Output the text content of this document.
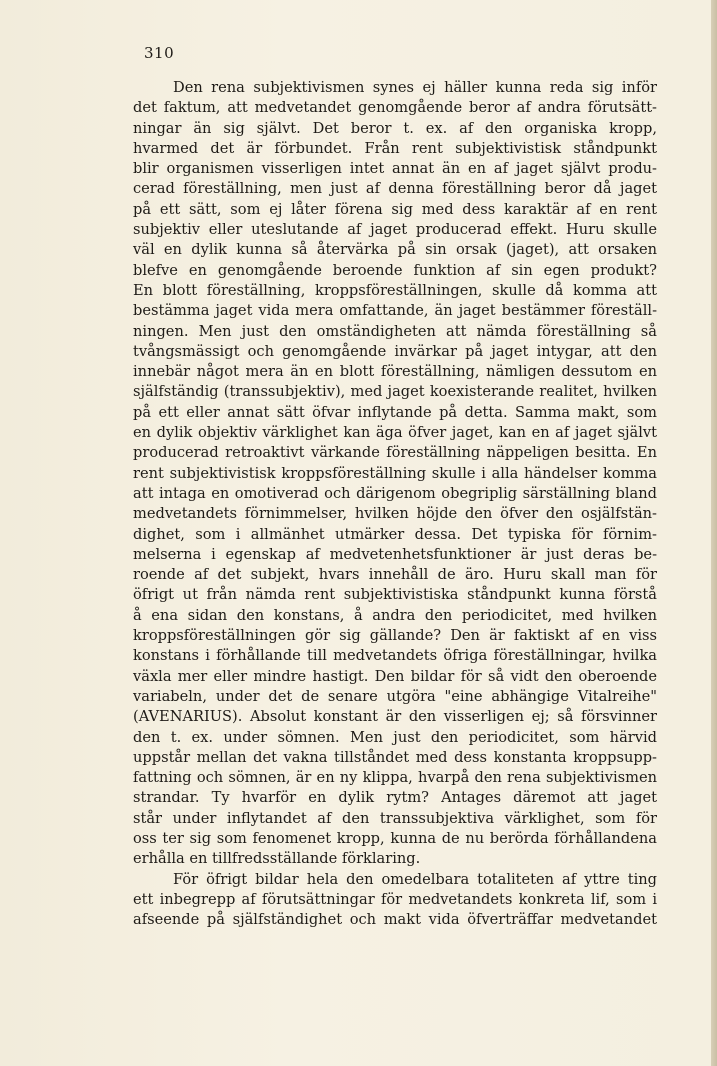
310
Den rena subjektivismen synes ej häller kunna reda sig inför
det faktum, att medvetandet genomgående beror af andra förutsätt-
ningar än sig självt. Det beror t. ex. af den organiska kropp,
hvarmed det är förbundet. Från rent subjektivistisk ståndpunkt
blir organismen visserligen intet annat än en af jaget självt produ-
cerad föreställning, men just af denna föreställning beror då jaget
på ett sätt, som ej låter förena sig med dess karaktär af en rent
subjektiv eller uteslutande af jaget producerad effekt. Huru skulle
väl en dylik kunna så återvärka på sin orsak (jaget), att orsaken
blefve en genomgående beroende funktion af sin egen produkt?
En blott föreställning, kroppsföreställningen, skulle då komma att
bestämma jaget vida mera omfattande, än jaget bestämmer föreställ-
ningen. Men just den omständigheten att nämda föreställning så
tvångsmässigt och genomgående invärkar på jaget intygar, att den
innebär något mera än en blott föreställning, nämligen dessutom en
själfständig (transsubjektiv), med jaget koexisterande realitet, hvilken
på ett eller annat sätt öfvar inflytande på detta. Samma makt, som
en dylik objektiv värklighet kan äga öfver jaget, kan en af jaget självt
producerad retroaktivt värkande föreställning näppeligen besitta. En
rent subjektivistisk kroppsföreställning skulle i alla händelser komma
att intaga en omotiverad och därigenom obegriplig särställning bland
medvetandets förnimmelser, hvilken höjde den öfver den osjälfstän-
dighet, som i allmänhet utmärker dessa. Det typiska för förnim-
melserna i egenskap af medvetenhetsfunktioner är just deras be-
roende af det subjekt, hvars innehåll de äro. Huru skall man för
öfrigt ut från nämda rent subjektivistiska ståndpunkt kunna förstå
å ena sidan den konstans, å andra den periodicitet, med hvilken
kroppsföreställningen gör sig gällande? Den är faktiskt af en viss
konstans i förhållande till medvetandets öfriga föreställningar, hvilka
växla mer eller mindre hastigt. Den bildar för så vidt den oberoende
variabeln, under det de senare utgöra "eine abhängige Vitalreihe"
(AVENARIUS). Absolut konstant är den visserligen ej; så försvinner
den t. ex. under sömnen. Men just den periodicitet, som härvid
uppstår mellan det vakna tillståndet med dess konstanta kroppsupp-
fattning och sömnen, är en ny klippa, hvarpå den rena subjektivismen
strandar. Ty hvarför en dylik rytm? Antages däremot att jaget
står under inflytandet af den transsubjektiva värklighet, som för
oss ter sig som fenomenet kropp, kunna de nu berörda förhållandena
erhålla en tillfredsställande förklaring.
För öfrigt bildar hela den omedelbara totaliteten af yttre ting
ett inbegrepp af förutsättningar för medvetandets konkreta lif, som i
afseende på själfständighet och makt vida öfverträffar medvetandet
